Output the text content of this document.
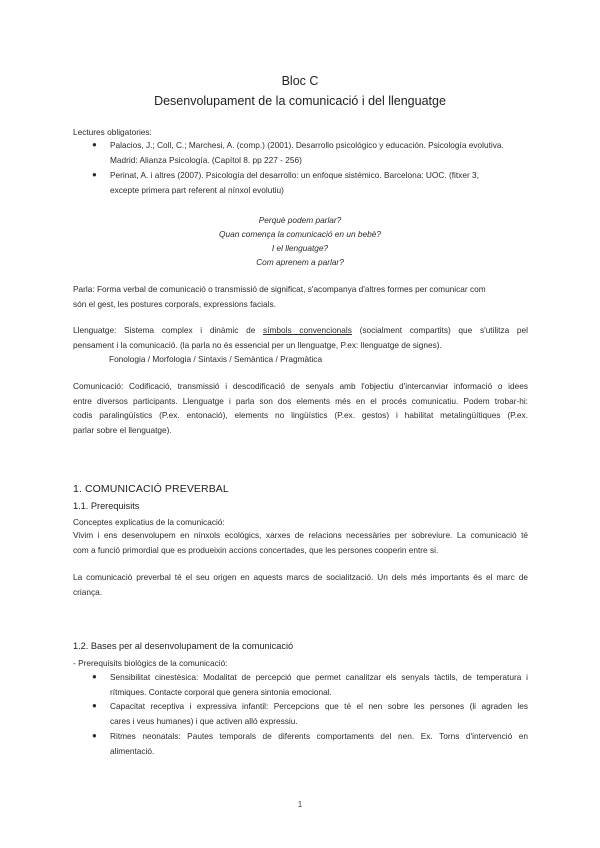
Bloc C
Desenvolupament de la comunicació i del llenguatge
Lectures obligatories:
● Palacios, J.; Coll, C.; Marchesi, A. (comp.) (2001). Desarrollo psicológico y educación. Psicología evolutiva.
Madrid: Alianza Psicología. (Capítol 8. pp 227 - 256)
● Perinat, A. i altres (2007). Psicología del desarrollo: un enfoque sistémico. Barcelona: UOC. (fitxer 3,
excepte primera part referent al nínxol evolutiu)
Perquè podem parlar?
Quan comença la comunicació en un bebè?
I el llenguatge?
Com aprenem a parlar?
Parla: Forma verbal de comunicació o transmissió de significat, s'acompanya d'altres formes per comunicar com
són el gest, les postures corporals, expressions facials.
Llenguatge: Sistema complex i dinàmic de símbols convencionals (socialment compartits) que s'utilitza pel
pensament i la comunicació. (la parla no és essencial per un llenguatge, P.ex: llenguatge de signes).
Fonologia / Morfologia / Sintaxis / Semàntica / Pragmàtica
Comunicació: Codificació, transmissió i descodificació de senyals amb l'objectiu d'intercanviar informació o idees
entre diversos participants. Llenguatge i parla son dos elements més en el procés comunicatiu. Podem trobar-hi:
codis paralingüístics (P.ex. entonació), elements no lingüístics (P.ex. gestos) i habilitat metalingüítiques (P.ex.
parlar sobre el llenguatge).
1. COMUNICACIÓ PREVERBAL
1.1. Prerequisits
Conceptes explicatius de la comunicació:
Vivim i ens desenvolupem en nínxols ecològics, xarxes de relacions necessàries per sobreviure. La comunicació té
com a funció primordial que es produeixin accions concertades, que les persones cooperin entre si.
La comunicació preverbal té el seu origen en aquests marcs de socialització. Un dels més importants és el marc de
criança.
1.2. Bases per al desenvolupament de la comunicació
- Prerequisits biològics de la comunicació:
● Sensibilitat cinestèsica: Modalitat de percepció que permet canalitzar els senyals tàctils, de temperatura i
rítmiques. Contacte corporal que genera sintonia emocional.
● Capacitat receptiva i expressiva infantil: Percepcions que té el nen sobre les persones (li agraden les
cares i veus humanes) i que activen alló expressiu.
● Ritmes neonatals: Pautes temporals de diferents comportaments del nen. Ex. Torns d'intervenció en
alimentació.
1
